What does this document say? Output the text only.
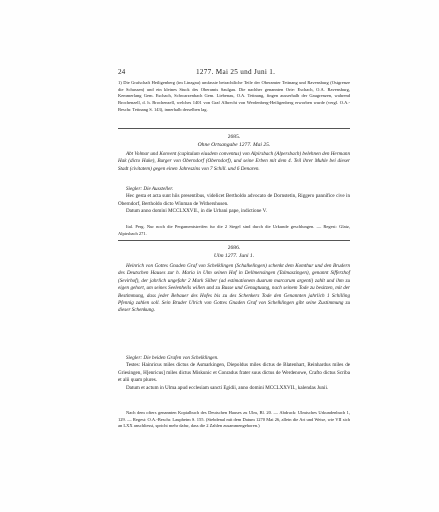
24	1277. Mai 25 und Juni 1.

1) Die Grafschaft Heiligenberg (im Linzgau) umfasste betrachtliche Teile der Oberamter Tettnang und Ravensburg (Ostgrenze die Schussen) und ein kleines Stuck des Oberamts Saulgau. Die nachher genannten Orte: Eschach, O.A. Ravensburg, Kemmerlang Gem. Eschach, Schwarzenbach Gem. Liebenau, O.A. Tettnang, fingen ausserhalb der Gaugrenzen, wahrend Brochenzell, d. h. Brochenzell, welches 1401 von Graf Albrecht von Werdenberg-Heiligenberg erworben wurde (vergl. O.A.-Beschr. Tettnang S. 143), innerhalb derselben lag.

2685.
Ohne Ortsangabe 1277. Mai 25.

Abt Volmar und Konvent (capitulum eiusdem conventus) von Alpirsbach (Alpersbach) belehnen den Hermann Hak (dicto Hake), Burger von Oberndorf (Oberndorf), und seine Erben mit dem 4. Teil ihrer Muhle bei dieser Stadt (civitatem) gegen einen Jahreszins von 7 Schill. und 6 Denaren.

Siegler: Die Aussteller.

Hec gesta et acta sunt hiis presentibus, videlicet Bertholdo advocato de Dornstetin, Riggero pannifice cive in Oberndorf, Bertholdo dicto Winman de Withershusen.

Datum anno domini MCCLXXVII., in die Urbani pape, indictione V.

Ital. Perg. Nur noch die Pergamentstreifen fur die 2 Siegel sind durch die Urkunde geschlungen. — Regest: Glatz, Alpirsbach 271.

2686.
Ulm 1277. Juni 1.

Heinrich von Gottes Gnaden Graf von Schelklingen (Schalkelingen) schenkt dem Komthur und den Brudern des Deutschen Hauses zur h. Maria in Ulm seinen Hof in Dellmensingen (Talmaszingen), genannt Sifferzhof (Sevirhof), der jahrlich ungefahr 2 Mark Silber (ad estimationem duarum marcarum argenti) zahlt und ihm zu eigen gehort, um seines Seelenheils willen und zu Busse und Genugtuung, nach seinem Tode zu besitzen, mit der Bestimmung, dass jeder Bebauer des Hofes bis zu des Schenkers Tode den Genannten jahrlich 1 Schilling Pfennig zahlen soll. Sein Bruder Ulrich von Gottes Gnaden Graf von Schelklingen gibt seine Zustimmung zu dieser Schenkung.

Siegler: Die beiden Grafen von Schelklingen.

Testes: Hainricus miles dictus de Asmarkingen, Diepoldus miles dictus de Blatenhart, Reinhardus miles de Griesingen, H[enricus] miles dictus Miskunic et Conradus frater suus dictus de Werdenowe, Crafto dictus Scriba et alii quam plures.

Datum et actum in Ulma apud ecclesiam sancti Egidii, anno domini MCCLXXVII., kalendas Junii.

Nach dem ofters genannten Kopialbuch des Deutschen Hauses zu Ulm, Bl. 20. — Abdruck: Ulmisches Urkundenbuch 1, 129. — Regest: O.A.-Beschr. Laupheim S. 155. (Siebdenal mit dem Datum 1270 Mai 26, allein die Art und Weise, wie VII sich an LXX anschliesst, spricht mehr dafur, dass die 2 Zahlen zusammengehoren.)
